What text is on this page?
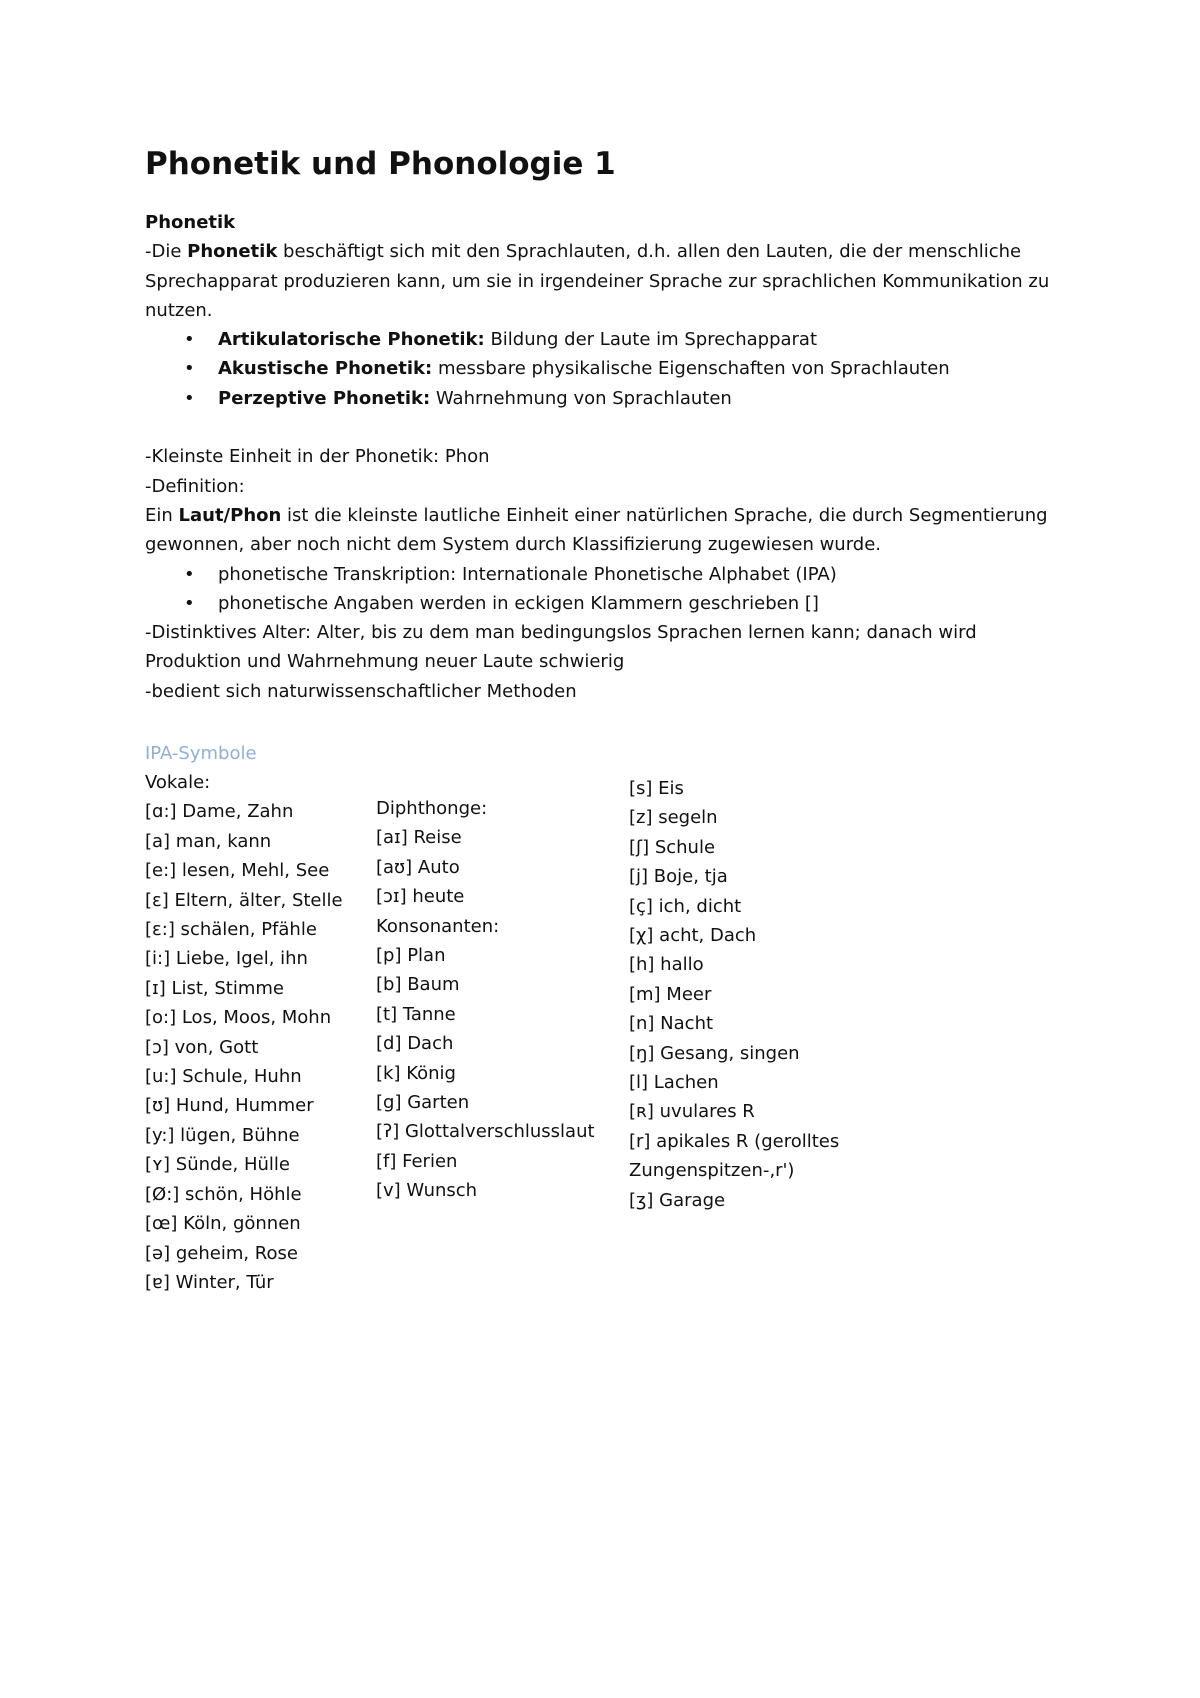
Phonetik und Phonologie 1

Phonetik

-Die Phonetik beschäftigt sich mit den Sprachlauten, d.h. allen den Lauten, die der menschliche Sprechapparat produzieren kann, um sie in irgendeiner Sprache zur sprachlichen Kommunikation zu nutzen.

• Artikulatorische Phonetik: Bildung der Laute im Sprechapparat
• Akustische Phonetik: messbare physikalische Eigenschaften von Sprachlauten
• Perzeptive Phonetik: Wahrnehmung von Sprachlauten

-Kleinste Einheit in der Phonetik: Phon

-Definition:

Ein Laut/Phon ist die kleinste lautliche Einheit einer natürlichen Sprache, die durch Segmentierung gewonnen, aber noch nicht dem System durch Klassifizierung zugewiesen wurde.

• phonetische Transkription: Internationale Phonetische Alphabet (IPA)
• phonetische Angaben werden in eckigen Klammern geschrieben []

-Distinktives Alter: Alter, bis zu dem man bedingungslos Sprachen lernen kann; danach wird Produktion und Wahrnehmung neuer Laute schwierig

-bedient sich naturwissenschaftlicher Methoden

IPA-Symbole
Vokale:
[ɑ:] Dame, Zahn
[a] man, kann
[e:] lesen, Mehl, See
[ɛ] Eltern, älter, Stelle
[ɛ:] schälen, Pfähle
[i:] Liebe, Igel, ihn
[ɪ] List, Stimme
[o:] Los, Moos, Mohn
[ɔ] von, Gott
[u:] Schule, Huhn
[ʊ] Hund, Hummer
[y:] lügen, Bühne
[ʏ] Sünde, Hülle
[Ø:] schön, Höhle
[œ] Köln, gönnen
[ə] geheim, Rose
[ɐ] Winter, Tür
Diphthonge:
[aɪ] Reise
[aʊ] Auto
[ɔɪ] heute
Konsonanten:
[p] Plan
[b] Baum
[t] Tanne
[d] Dach
[k] König
[g] Garten
[ʔ] Glottalverschlusslaut
[f] Ferien
[v] Wunsch
[s] Eis
[z] segeln
[ʃ] Schule
[j] Boje, tja
[ç] ich, dicht
[χ] acht, Dach
[h] hallo
[m] Meer
[n] Nacht
[ŋ] Gesang, singen
[l] Lachen
[ʀ] uvulares R
[r] apikales R (gerolltes
Zungenspitzen-‚r')
[ʒ] Garage
